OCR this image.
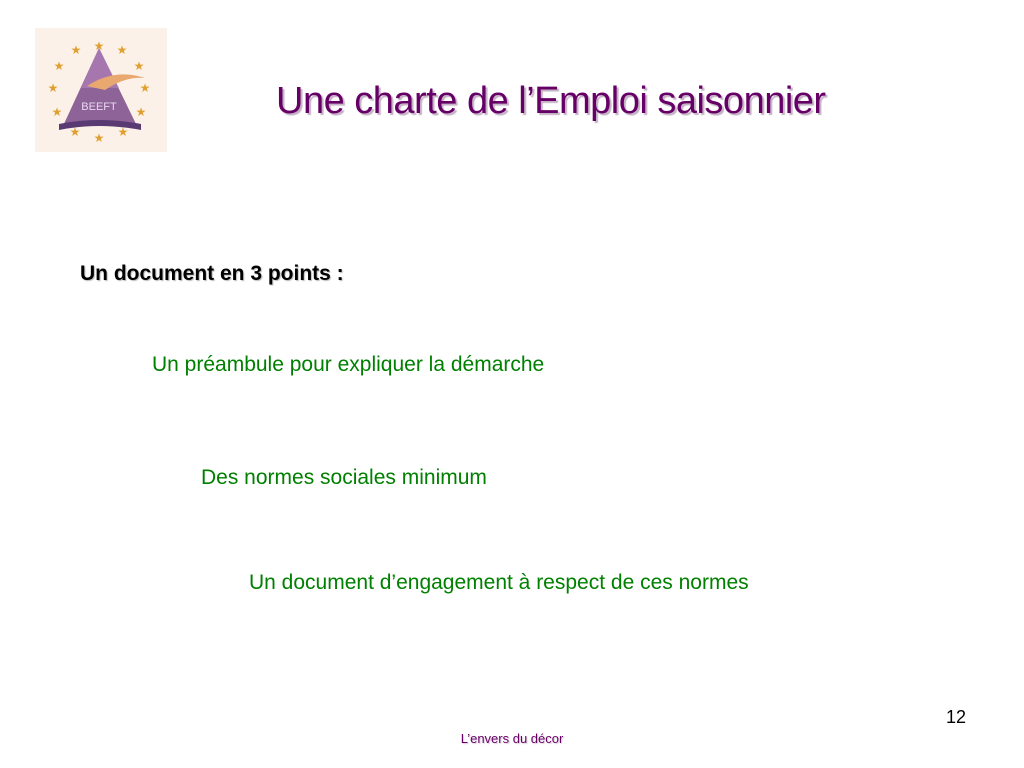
BEEFT
★ ★
★
★
★
★
★
★
★
★
★ ★
Une charte de l’Emploi saisonnier
Un document en 3 points :
Un préambule pour expliquer la démarche
Des normes sociales minimum
Un document d’engagement à respect de ces normes
12
L’envers du décor
